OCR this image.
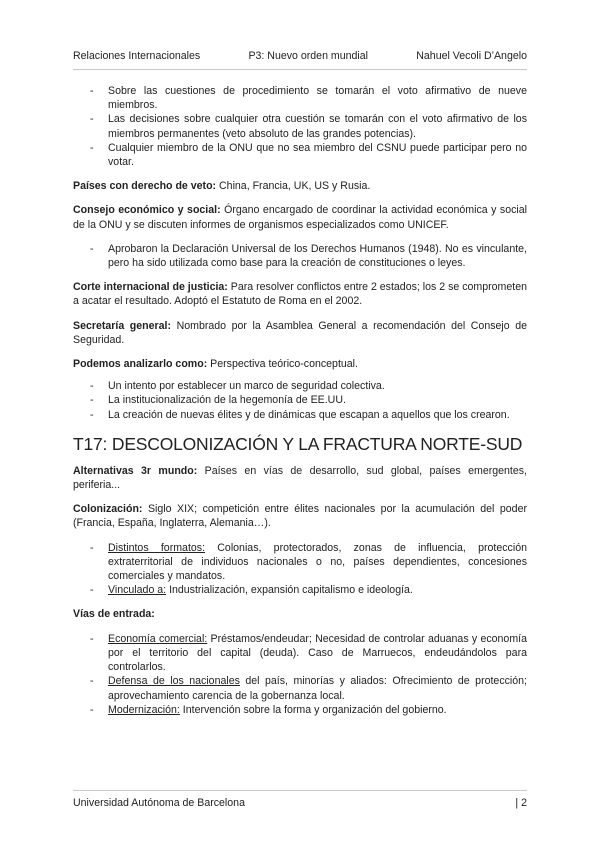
Relaciones Internacionales	P3: Nuevo orden mundial	Nahuel Vecoli D’Angelo
- Sobre las cuestiones de procedimiento se tomarán el voto afirmativo de nueve miembros.
- Las decisiones sobre cualquier otra cuestión se tomarán con el voto afirmativo de los miembros permanentes (veto absoluto de las grandes potencias).
- Cualquier miembro de la ONU que no sea miembro del CSNU puede participar pero no votar.

Países con derecho de veto: China, Francia, UK, US y Rusia.

Consejo económico y social: Órgano encargado de coordinar la actividad económica y social de la ONU y se discuten informes de organismos especializados como UNICEF.

- Aprobaron la Declaración Universal de los Derechos Humanos (1948). No es vinculante, pero ha sido utilizada como base para la creación de constituciones o leyes.

Corte internacional de justicia: Para resolver conflictos entre 2 estados; los 2 se comprometen a acatar el resultado. Adoptó el Estatuto de Roma en el 2002.

Secretaría general: Nombrado por la Asamblea General a recomendación del Consejo de Seguridad.

Podemos analizarlo como: Perspectiva teórico-conceptual.

- Un intento por establecer un marco de seguridad colectiva.
- La institucionalización de la hegemonía de EE.UU.
- La creación de nuevas élites y de dinámicas que escapan a aquellos que los crearon.
T17: DESCOLONIZACIÓN Y LA FRACTURA NORTE-SUD

Alternativas 3r mundo: Países en vías de desarrollo, sud global, países emergentes, periferia...

Colonización: Siglo XIX; competición entre élites nacionales por la acumulación del poder (Francia, España, Inglaterra, Alemania…).

- Distintos formatos: Colonias, protectorados, zonas de influencia, protección extraterritorial de individuos nacionales o no, países dependientes, concesiones comerciales y mandatos.
- Vinculado a: Industrialización, expansión capitalismo e ideología.

Vías de entrada:

- Economía comercial: Préstamos/endeudar; Necesidad de controlar aduanas y economía por el territorio del capital (deuda). Caso de Marruecos, endeudándolos para controlarlos.
- Defensa de los nacionales del país, minorías y aliados: Ofrecimiento de protección; aprovechamiento carencia de la gobernanza local.
- Modernización: Intervención sobre la forma y organización del gobierno.
Universidad Autónoma de Barcelona	| 2
